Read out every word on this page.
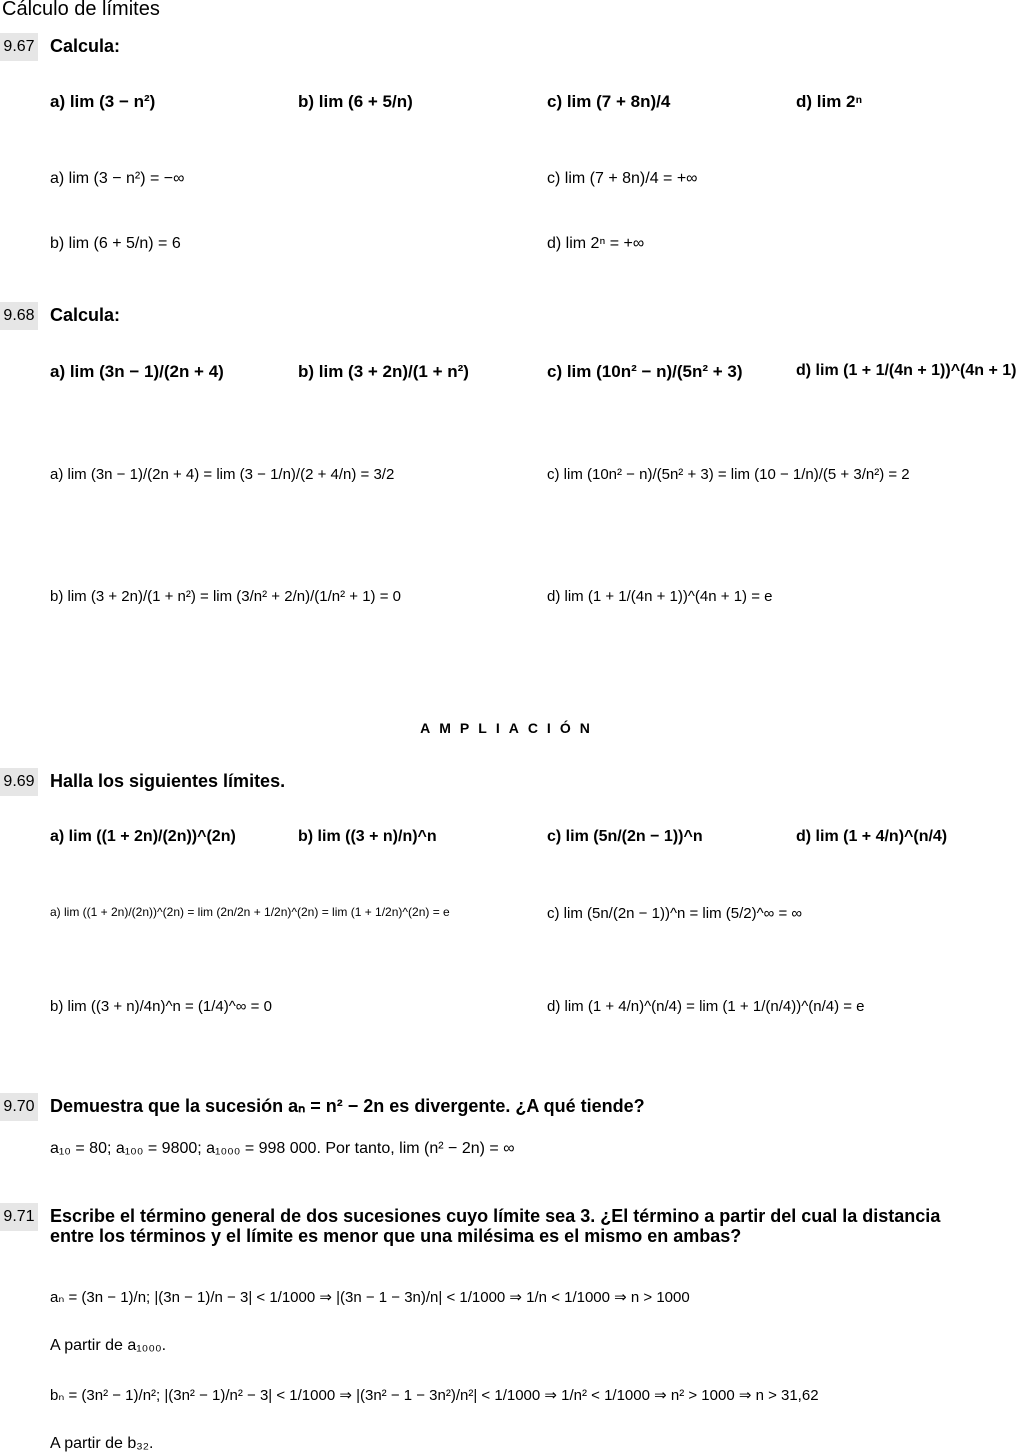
Cálculo de límites
9.67 Calcula:
a) lim (3 − n²)	b) lim (6 + 5/n)	c) lim (7 + 8n)/4	d) lim 2ⁿ
a) lim (3 − n²) = −∞	c) lim (7 + 8n)/4 = +∞
b) lim (6 + 5/n) = 6	d) lim 2ⁿ = +∞
9.68 Calcula:
a) lim (3n − 1)/(2n + 4)	b) lim (3 + 2n)/(1 + n²)	c) lim (10n² − n)/(5n² + 3)	d) lim (1 + 1/(4n + 1))^(4n + 1)
a) lim (3n − 1)/(2n + 4) = lim (3 − 1/n)/(2 + 4/n) = 3/2	c) lim (10n² − n)/(5n² + 3) = lim (10 − 1/n)/(5 + 3/n²) = 2
b) lim (3 + 2n)/(1 + n²) = lim (3/n² + 2/n)/(1/n² + 1) = 0	d) lim (1 + 1/(4n + 1))^(4n + 1) = e
AMPLIACIÓN
9.69 Halla los siguientes límites.
a) lim ((1 + 2n)/(2n))^(2n)	b) lim ((3 + n)/n)^n	c) lim (5n/(2n − 1))^n	d) lim (1 + 4/n)^(n/4)
a) lim ((1 + 2n)/(2n))^(2n) = lim (2n/2n + 1/2n)^(2n) = lim (1 + 1/2n)^(2n) = e	c) lim (5n/(2n − 1))^n = lim (5/2)^∞ = ∞
b) lim ((3 + n)/4n)^n = (1/4)^∞ = 0	d) lim (1 + 4/n)^(n/4) = lim (1 + 1/(n/4))^(n/4) = e
9.70 Demuestra que la sucesión aₙ = n² − 2n es divergente. ¿A qué tiende?
a₁₀ = 80; a₁₀₀ = 9800; a₁₀₀₀ = 998 000. Por tanto, lim (n² − 2n) = ∞
9.71 Escribe el término general de dos sucesiones cuyo límite sea 3. ¿El término a partir del cual la distancia
entre los términos y el límite es menor que una milésima es el mismo en ambas?
aₙ = (3n − 1)/n; |(3n − 1)/n − 3| < 1/1000 ⇒ |(3n − 1 − 3n)/n| < 1/1000 ⇒ 1/n < 1/1000 ⇒ n > 1000
A partir de a₁₀₀₀.
bₙ = (3n² − 1)/n²; |(3n² − 1)/n² − 3| < 1/1000 ⇒ |(3n² − 1 − 3n²)/n²| < 1/1000 ⇒ 1/n² < 1/1000 ⇒ n² > 1000 ⇒ n > 31,62
A partir de b₃₂.
